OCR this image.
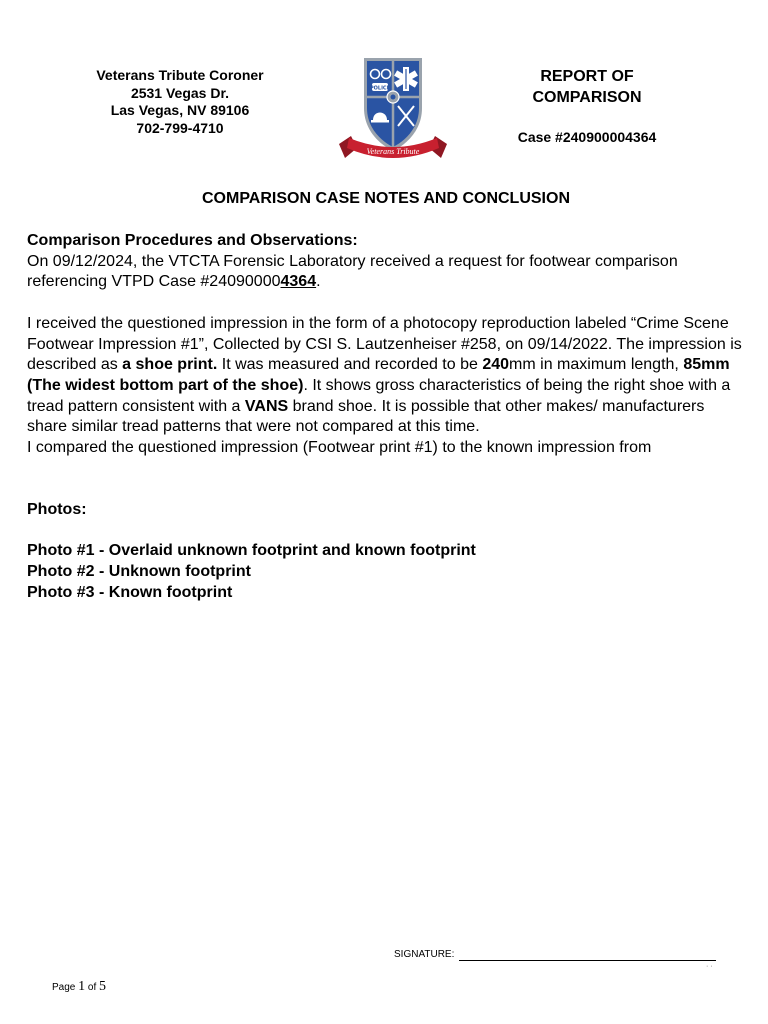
Veterans Tribute Coroner
2531 Vegas Dr.
Las Vegas, NV 89106
702-799-4710
POLICE
Veterans Tribute
REPORT OF
COMPARISON
Case #240900004364
COMPARISON CASE NOTES AND CONCLUSION

Comparison Procedures and Observations:

On 09/12/2024, the VTCTA Forensic Laboratory received a request for footwear comparison referencing VTPD Case #240900004364.

I received the questioned impression in the form of a photocopy reproduction labeled “Crime Scene Footwear Impression #1”, Collected by CSI S. Lautzenheiser #258, on 09/14/2022. The impression is described as a shoe print. It was measured and recorded to be 240mm in maximum length, 85mm (The widest bottom part of the shoe). It shows gross characteristics of being the right shoe with a tread pattern consistent with a VANS brand shoe. It is possible that other makes/ manufacturers share similar tread patterns that were not compared at this time.

I compared the questioned impression (Footwear print #1) to the known impression from

Photos:

Photo #1 - Overlaid unknown footprint and known footprint

Photo #2 - Unknown footprint

Photo #3 - Known footprint

SIGNATURE:
· ·
Page 1 of 5
